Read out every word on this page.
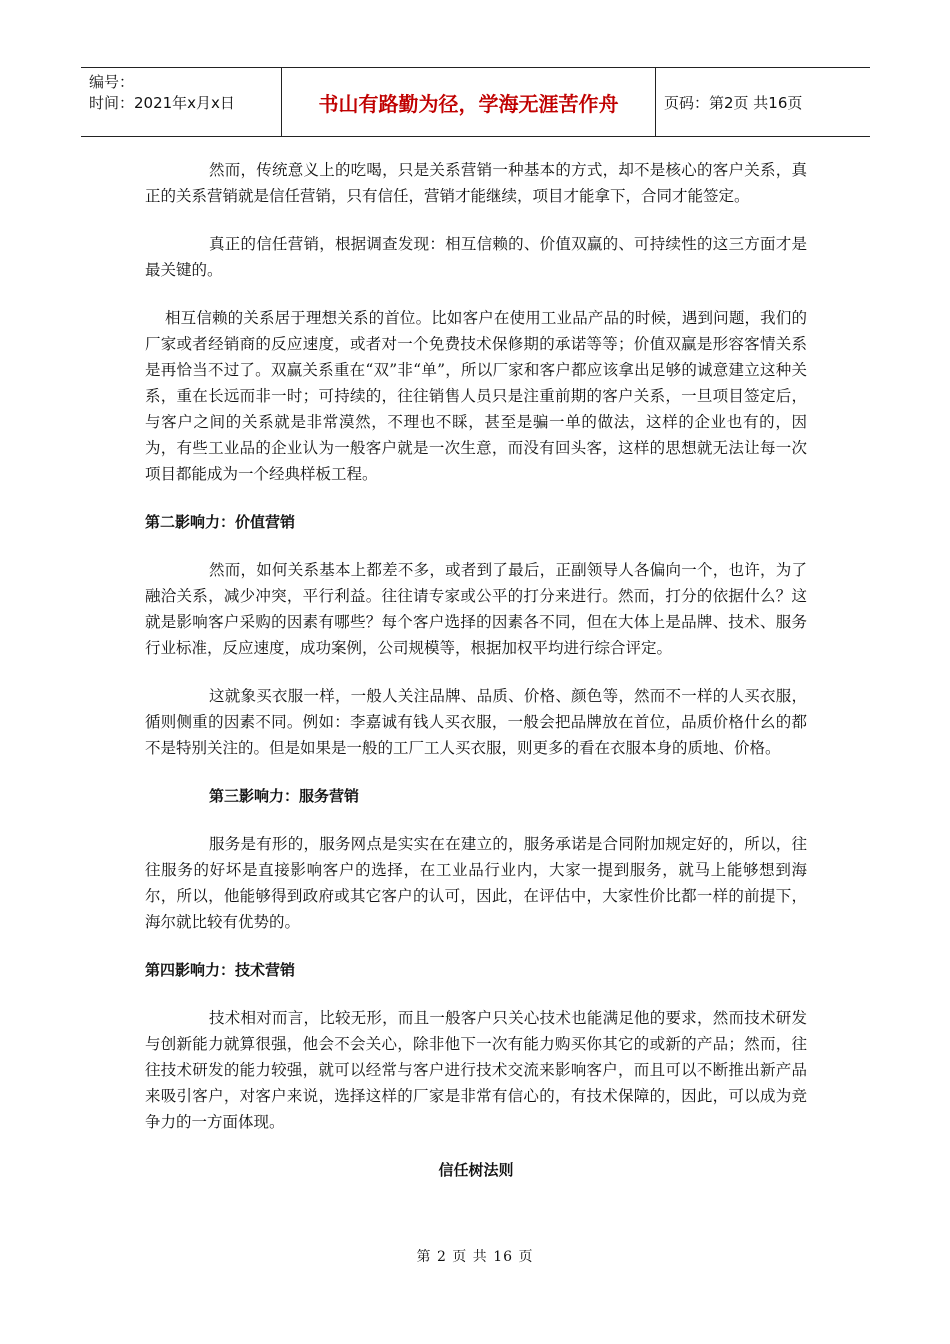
编号：
时间：2021年x月x日	书山有路勤为径，学海无涯苦作舟	页码：第2页 共16页

然而，传统意义上的吃喝，只是关系营销一种基本的方式，却不是核心的客户关系，真正的关系营销就是信任营销，只有信任，营销才能继续，项目才能拿下，合同才能签定。

真正的信任营销，根据调查发现：相互信赖的、价值双赢的、可持续性的这三方面才是最关键的。

相互信赖的关系居于理想关系的首位。比如客户在使用工业品产品的时候，遇到问题，我们的厂家或者经销商的反应速度，或者对一个免费技术保修期的承诺等等；价值双赢是形容客情关系是再恰当不过了。双赢关系重在“双”非“单”，所以厂家和客户都应该拿出足够的诚意建立这种关系，重在长远而非一时；可持续的，往往销售人员只是注重前期的客户关系，一旦项目签定后，与客户之间的关系就是非常漠然，不理也不睬，甚至是骗一单的做法，这样的企业也有的，因为，有些工业品的企业认为一般客户就是一次生意，而没有回头客，这样的思想就无法让每一次项目都能成为一个经典样板工程。

第二影响力：价值营销

然而，如何关系基本上都差不多，或者到了最后，正副领导人各偏向一个，也许，为了融洽关系，减少冲突，平行利益。往往请专家或公平的打分来进行。然而，打分的依据什么？这就是影响客户采购的因素有哪些？每个客户选择的因素各不同，但在大体上是品牌、技术、服务行业标准，反应速度，成功案例，公司规模等，根据加权平均进行综合评定。

这就象买衣服一样，一般人关注品牌、品质、价格、颜色等，然而不一样的人买衣服，循则侧重的因素不同。例如：李嘉诚有钱人买衣服，一般会把品牌放在首位，品质价格什幺的都不是特别关注的。但是如果是一般的工厂工人买衣服，则更多的看在衣服本身的质地、价格。

第三影响力：服务营销

服务是有形的，服务网点是实实在在建立的，服务承诺是合同附加规定好的，所以，往往服务的好坏是直接影响客户的选择，在工业品行业内，大家一提到服务，就马上能够想到海尔，所以，他能够得到政府或其它客户的认可，因此，在评估中，大家性价比都一样的前提下，海尔就比较有优势的。

第四影响力：技术营销

技术相对而言，比较无形，而且一般客户只关心技术也能满足他的要求，然而技术研发与创新能力就算很强，他会不会关心，除非他下一次有能力购买你其它的或新的产品；然而，往往技术研发的能力较强，就可以经常与客户进行技术交流来影响客户，而且可以不断推出新产品来吸引客户，对客户来说，选择这样的厂家是非常有信心的，有技术保障的，因此，可以成为竞争力的一方面体现。

信任树法则

第 2 页 共 16 页
